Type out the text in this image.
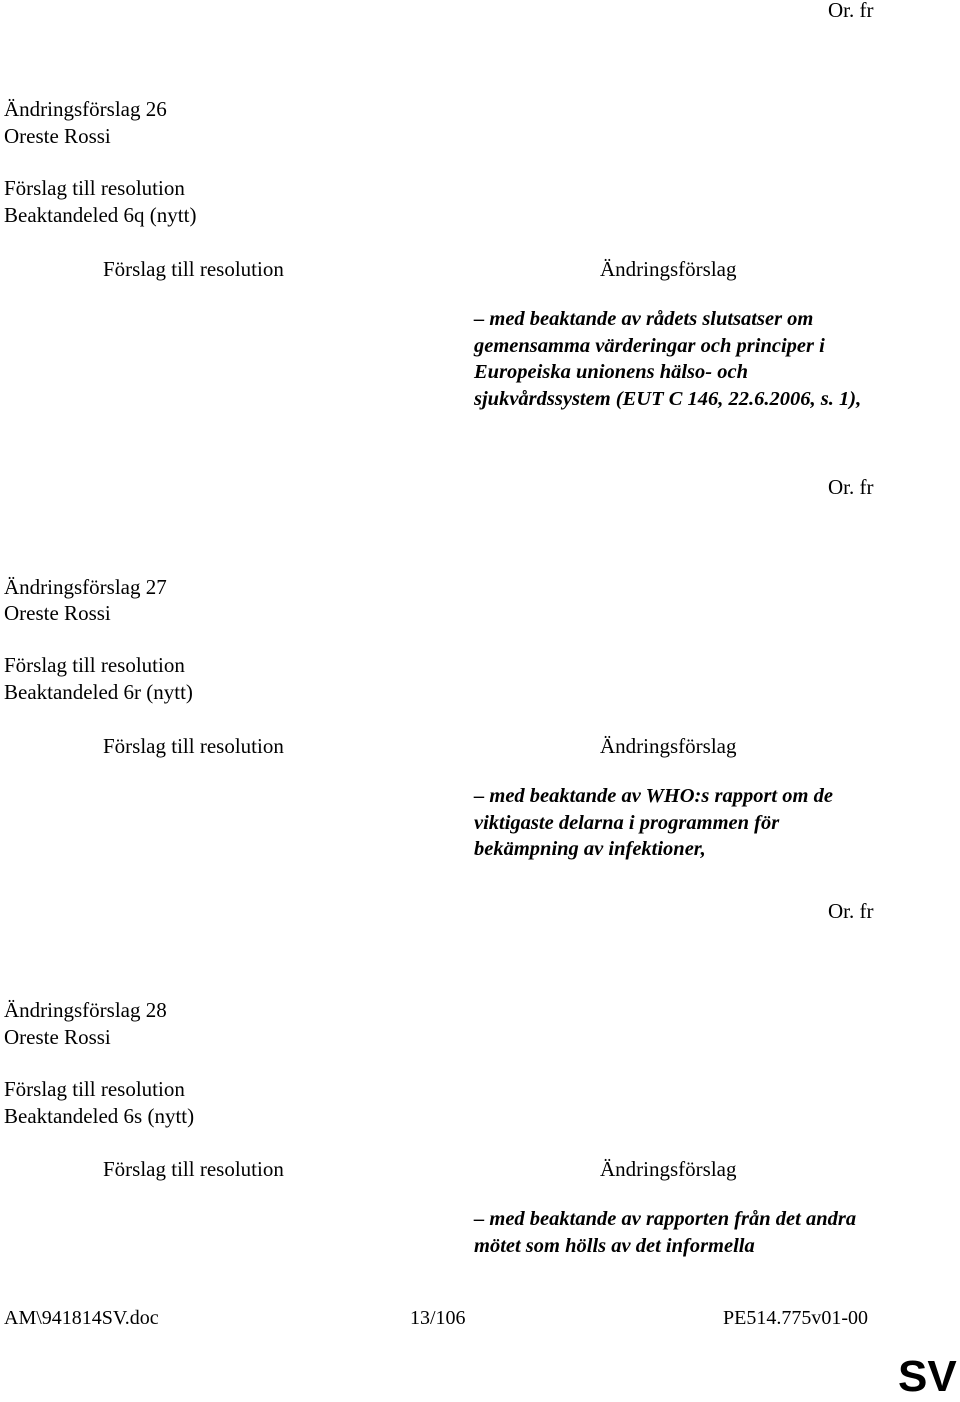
Or. fr
Ändringsförslag 26
Oreste Rossi
Förslag till resolution
Beaktandeled 6q (nytt)
Förslag till resolution	Ändringsförslag
– med beaktande av rådets slutsatser om gemensamma värderingar och principer i Europeiska unionens hälso- och sjukvårdssystem (EUT C 146, 22.6.2006, s. 1),
Or. fr
Ändringsförslag 27
Oreste Rossi
Förslag till resolution
Beaktandeled 6r (nytt)
Förslag till resolution	Ändringsförslag
– med beaktande av WHO:s rapport om de viktigaste delarna i programmen för bekämpning av infektioner,
Or. fr
Ändringsförslag 28
Oreste Rossi
Förslag till resolution
Beaktandeled 6s (nytt)
Förslag till resolution	Ändringsförslag
– med beaktande av rapporten från det andra mötet som hölls av det informella
AM\941814SV.doc	13/106	PE514.775v01-00
SV
